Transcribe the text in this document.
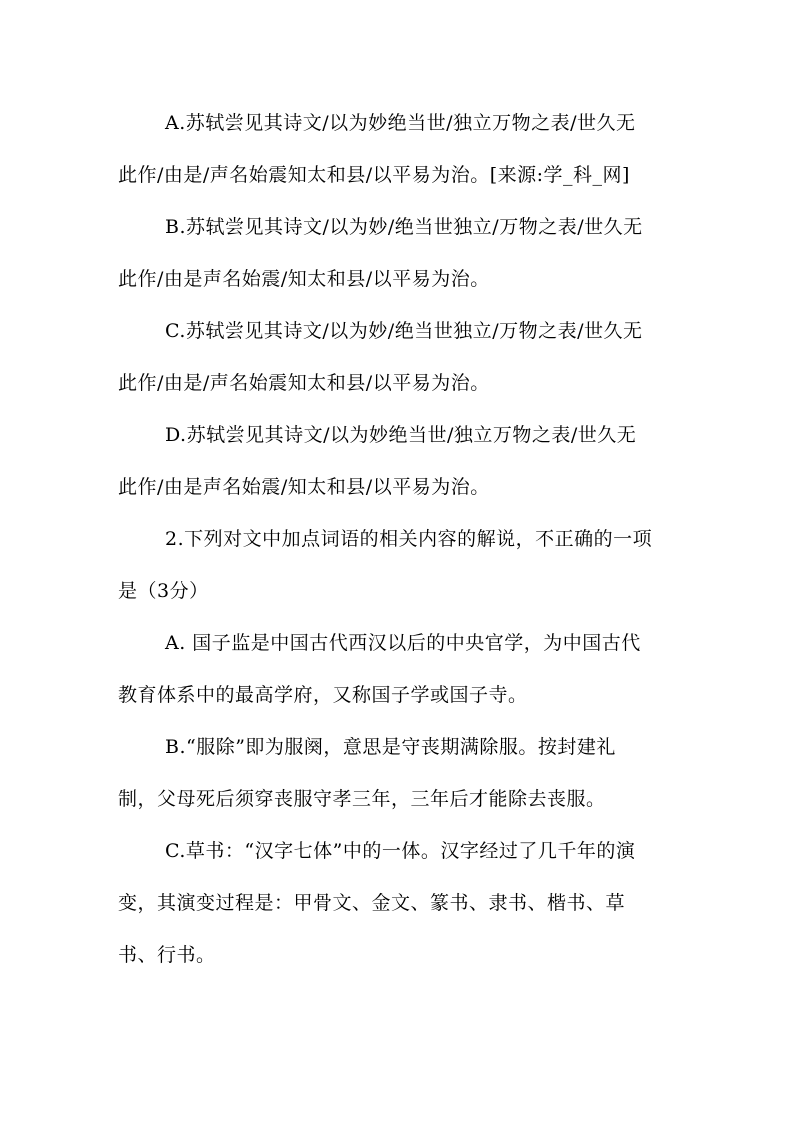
A.苏轼尝见其诗文/以为妙绝当世/独立万物之表/世久无
此作/由是/声名始震知太和县/以平易为治。[来源:学_科_网]
B.苏轼尝见其诗文/以为妙/绝当世独立/万物之表/世久无
此作/由是声名始震/知太和县/以平易为治。
C.苏轼尝见其诗文/以为妙/绝当世独立/万物之表/世久无
此作/由是/声名始震知太和县/以平易为治。
D.苏轼尝见其诗文/以为妙绝当世/独立万物之表/世久无
此作/由是声名始震/知太和县/以平易为治。
2.下列对文中加点词语的相关内容的解说，不正确的一项
是（3分）
A. 国子监是中国古代西汉以后的中央官学，为中国古代
教育体系中的最高学府，又称国子学或国子寺。
B.“服除”即为服阕，意思是守丧期满除服。按封建礼
制，父母死后须穿丧服守孝三年，三年后才能除去丧服。
C.草书：“汉字七体”中的一体。汉字经过了几千年的演
变，其演变过程是：甲骨文、金文、篆书、隶书、楷书、草
书、行书。
